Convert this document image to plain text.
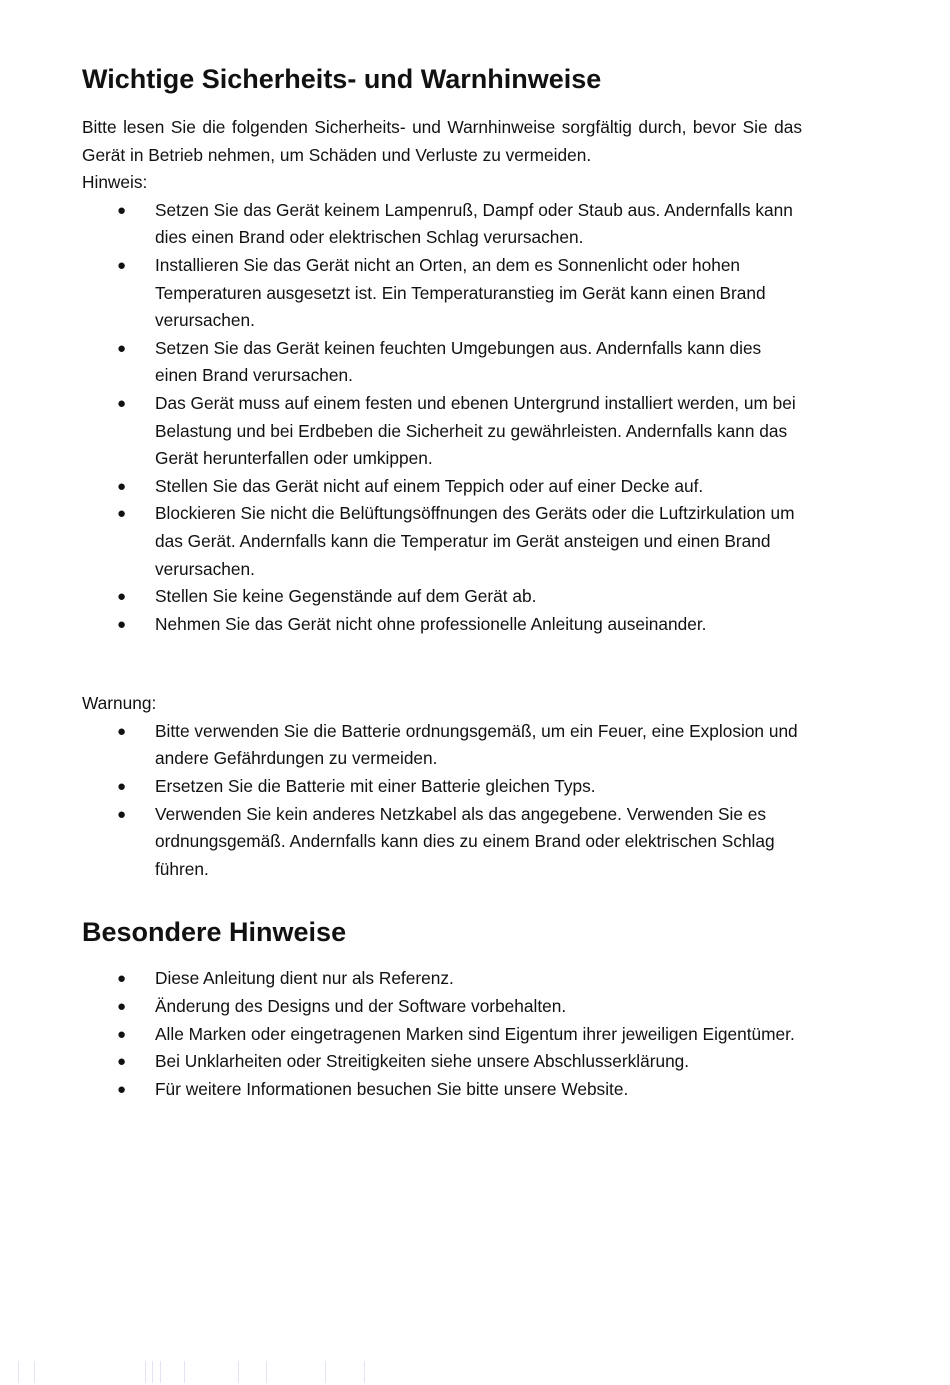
Wichtige Sicherheits- und Warnhinweise

Bitte lesen Sie die folgenden Sicherheits- und Warnhinweise sorgfältig durch, bevor Sie das Gerät in Betrieb nehmen, um Schäden und Verluste zu vermeiden.

Hinweis:

● Setzen Sie das Gerät keinem Lampenruß, Dampf oder Staub aus. Andernfalls kann dies einen Brand oder elektrischen Schlag verursachen.
● Installieren Sie das Gerät nicht an Orten, an dem es Sonnenlicht oder hohen Temperaturen ausgesetzt ist. Ein Temperaturanstieg im Gerät kann einen Brand verursachen.
● Setzen Sie das Gerät keinen feuchten Umgebungen aus. Andernfalls kann dies einen Brand verursachen.
● Das Gerät muss auf einem festen und ebenen Untergrund installiert werden, um bei Belastung und bei Erdbeben die Sicherheit zu gewährleisten. Andernfalls kann das Gerät herunterfallen oder umkippen.
● Stellen Sie das Gerät nicht auf einem Teppich oder auf einer Decke auf.
● Blockieren Sie nicht die Belüftungsöffnungen des Geräts oder die Luftzirkulation um das Gerät. Andernfalls kann die Temperatur im Gerät ansteigen und einen Brand verursachen.
● Stellen Sie keine Gegenstände auf dem Gerät ab.
● Nehmen Sie das Gerät nicht ohne professionelle Anleitung auseinander.

Warnung:

● Bitte verwenden Sie die Batterie ordnungsgemäß, um ein Feuer, eine Explosion und andere Gefährdungen zu vermeiden.
● Ersetzen Sie die Batterie mit einer Batterie gleichen Typs.
● Verwenden Sie kein anderes Netzkabel als das angegebene. Verwenden Sie es ordnungsgemäß. Andernfalls kann dies zu einem Brand oder elektrischen Schlag führen.
Besondere Hinweise
● Diese Anleitung dient nur als Referenz.
● Änderung des Designs und der Software vorbehalten.
● Alle Marken oder eingetragenen Marken sind Eigentum ihrer jeweiligen Eigentümer.
● Bei Unklarheiten oder Streitigkeiten siehe unsere Abschlusserklärung.
● Für weitere Informationen besuchen Sie bitte unsere Website.
